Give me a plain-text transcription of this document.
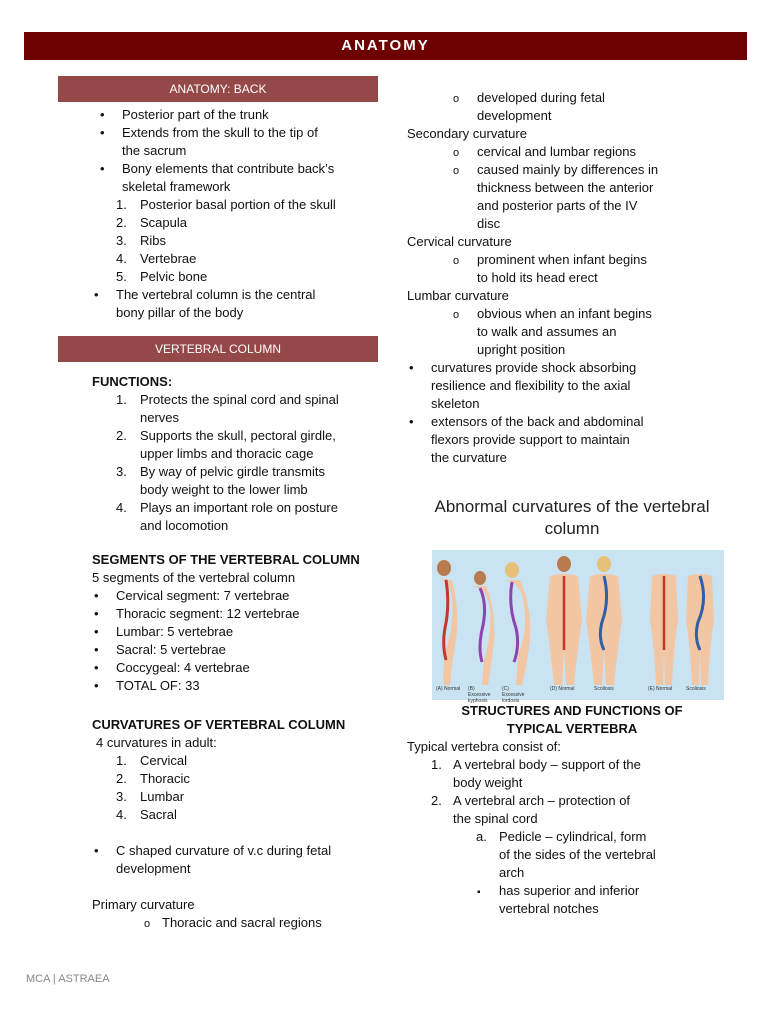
ANATOMY
ANATOMY: BACK
•
Posterior part of the trunk
•
Extends from the skull to the tip of
the sacrum
•
Bony elements that contribute back’s
skeletal framework
1. Posterior basal portion of the skull
2. Scapula
3. Ribs
4. Vertebrae
5. Pelvic bone
•
The vertebral column is the central
bony pillar of the body
VERTEBRAL COLUMN
FUNCTIONS:
1. Protects the spinal cord and spinal
nerves
2. Supports the skull, pectoral girdle,
upper limbs and thoracic cage
3. By way of pelvic girdle transmits
body weight to the lower limb
4. Plays an important role on posture
and locomotion
SEGMENTS OF THE VERTEBRAL COLUMN
5 segments of the vertebral column
•
Cervical segment: 7 vertebrae
•
Thoracic segment: 12 vertebrae
•
Lumbar: 5 vertebrae
•
Sacral: 5 vertebrae
•
Coccygeal: 4 vertebrae
•
TOTAL OF: 33
CURVATURES OF VERTEBRAL COLUMN
4 curvatures in adult:
1. Cervical
2. Thoracic
3. Lumbar
4. Sacral
•
C shaped curvature of v.c during fetal
development
Primary curvature
o
Thoracic and sacral regions
o
developed during fetal
development
Secondary curvature
o
cervical and lumbar regions
o
caused mainly by differences in
thickness between the anterior
and posterior parts of the IV
disc
Cervical curvature
o
prominent when infant begins
to hold its head erect
Lumbar curvature
o
obvious when an infant begins
to walk and assumes an
upright position
•
curvatures provide shock absorbing
resilience and flexibility to the axial
skeleton
•
extensors of the back and abdominal
flexors provide support to maintain
the curvature
Abnormal curvatures of the vertebral
column
(A) Normal (B) Excessive kyphosis
(C) Excessive lordosis
(D) Normal	Scoliosis	(E) Normal	Scoliosis
STRUCTURES AND FUNCTIONS OF
TYPICAL VERTEBRA
Typical vertebra consist of:
1. A vertebral body – support of the
body weight
2. A vertebral arch – protection of
the spinal cord
a. Pedicle – cylindrical, form
of the sides of the vertebral
arch
▪
has superior and inferior
vertebral notches
MCA | ASTRAEA
